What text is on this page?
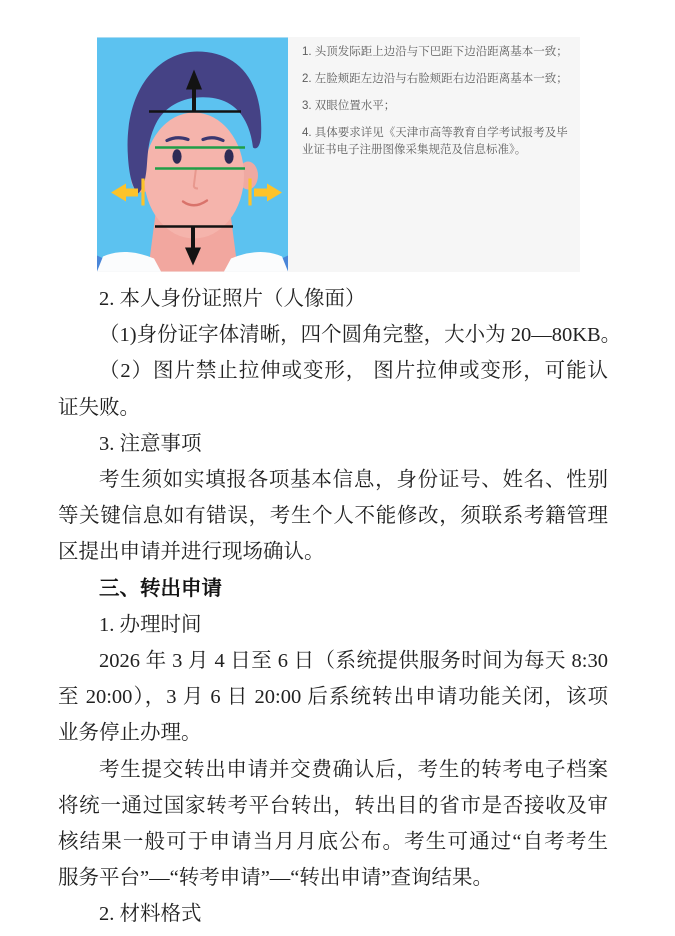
1. 头顶发际距上边沿与下巴距下边沿距离基本一致；
2. 左脸颊距左边沿与右脸颊距右边沿距离基本一致；
3. 双眼位置水平；
4. 具体要求详见《天津市高等教育自学考试报考及毕业证书电子注册图像采集规范及信息标准》。
2. 本人身份证照片（人像面）
（1)身份证字体清晰，四个圆角完整，大小为 20—80KB。
（2）图片禁止拉伸或变形， 图片拉伸或变形，可能认
证失败。
3. 注意事项
考生须如实填报各项基本信息，身份证号、姓名、性别
等关键信息如有错误，考生个人不能修改，须联系考籍管理
区提出申请并进行现场确认。
三、转出申请
1. 办理时间
2026 年 3 月 4 日至 6 日（系统提供服务时间为每天 8:30
至 20:00），3 月 6 日 20:00 后系统转出申请功能关闭，该项
业务停止办理。
考生提交转出申请并交费确认后，考生的转考电子档案
将统一通过国家转考平台转出，转出目的省市是否接收及审
核结果一般可于申请当月月底公布。考生可通过“自考考生
服务平台”—“转考申请”—“转出申请”查询结果。
2. 材料格式
